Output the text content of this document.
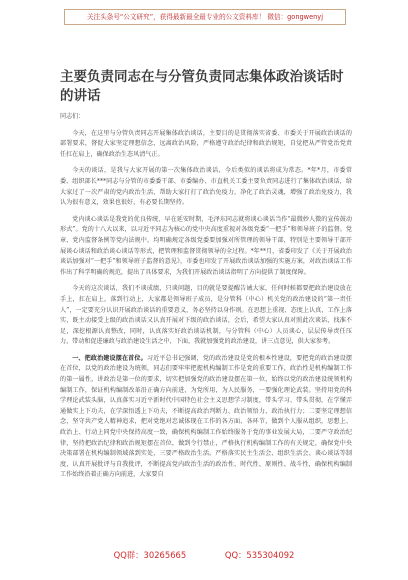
关注头条号“公文研究”，获得最新最全最专业的公文资料库！ 微信：gongwenyj
主要负责同志在与分管负责同志集体政治谈话时的讲话

同志们：

今天，在这里与分管负责同志开展集体政治谈话，主要目的是贯彻落实省委、市委关于开展政治谈话的部署要求，督促大家坚定理想信念，远离政治风险，严格遵守政治纪律和政治规矩，自觉把从严管党治党责任扛在肩上，确保政治生态风清气正。

今天的谈话，是我与大家开展的第一次集体政治谈话，今后类似的谈话将成为常态。*年*月，市委常委、组织部长***同志与分管的市委委干部、市委编办、市直机关工委主要负责同志进行了集体政治谈话，给大家过了一次严肃的党内政治生活，帮助大家打打了政治免疫力，净化了政治灵魂，增强了政治免疫力，我认为很有意义，效果也很好，有必要长期坚持。

党内谈心谈话是我党的优良传统，早在延安时期，毛泽东同志就将谈心谈话当作“最微妙人微的宣传鼓动形式”。党的十八大以来，以习近平同志为核心的党中央高度重视对各级党委“一把手”和领导班子的监督。党章、党内监督条例等党内法规中，均明确规定各级党委要加强对所管理的领导干部，特别是主要领导干部开展谈心谈话和政治谈心谈话等形式，把管理和监督贯彻领导的全过程。*年**月，省委印发了《关于开展政治谈话加强对“一把手”和领导班子监督的意见》，市委也印发了开展政治谈话加强的实施方案，对政治谈话工作作出了科学明确的规范，提出了具体要求，为我们开展政治谈话指明了方向提供了制度保障。

今天的这次谈话，我们不谈成绩、只谈问题，目的就是要提醒告诫大家，任何时候都要把政治建设放在手上，扛在肩上，落到行动上，大家都是领导班子成员，是分管科（中心）机关党的政治建设的“第一责任人”，一定要充分认识开展政治谈话的重要意义，务必坚持以身作则。在思想上重视、态度上认真，工作上落实，既主动接受上级的政治谈话又认真开展对下级的政治谈话，会后，希望大家认真对照此次谈话，找准不足，深挖根源认真整改，同时，认真落实好政治谈话机制，与分管科（中心）人员谈心，层层传导责任压力，带动和促进廉政与政治建设生活之中，下面，我就加强党的政治建设，讲三点意见，供大家参考。

一、把政治建设摆在首位。习近平总书记强调，党的政治建设是党的根本性建设，要把党的政治建设摆在首位，以党的政治建设为统领，同志们要牢牢把握机构编制工作是党的重要工作，政治性是机构编制工作的第一属性，讲政治是第一位的要求，切实把加强党的政治建设摆在第一位，始终以党的政治建设统领机构编制工作，保证机构编制改革沿正确方向前进，为党所用，为人民服务，一要强化理论武装。坚持用党的科学理论武装头脑，认真落实习近平新时代中国特色社会主义思想学习制度，带头学习、带头贯彻，在学懂弄通做实上下功夫，在学深悟透上下功夫，不断提高政治判断力、政治领悟力、政治执行力；二要坚定理想信念，坚守共产党人精神追求，把对党绝对忠诚体现在工作的各方面、各环节，做到个人服从组织，思想上、政治上、行动上同党中央保持高度一致，确保机构编制工作始终服务于党的事业发展大局，二要严守政治纪律，坚持把政治纪律和政治规矩摆在首位，做到令行禁止，严格执行机构编制工作的有关规定，确保党中央决策部署在机构编制领域落到实处，三要严格政治生活。严格落实民主生活会、组织生活会、谈心谈话等制度，认真开展批评与自我批评，不断提高党内政治生活的政治性、时代性、原则性、战斗性，确保机构编制工作始终沿着正确方向前进，大家要自

QQ群：30265665	QQ：535304092
